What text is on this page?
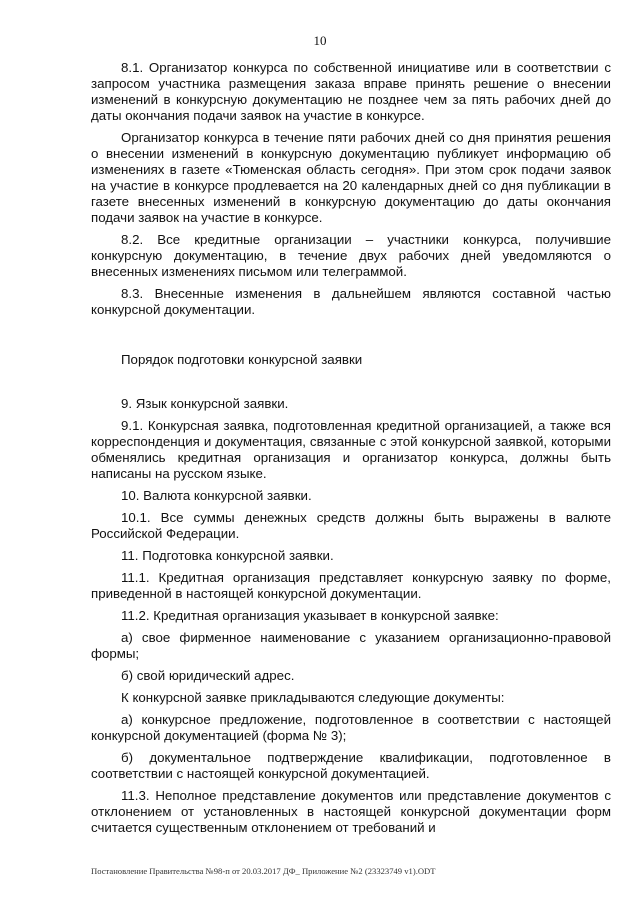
10

8.1. Организатор конкурса по собственной инициативе или в соответствии с запросом участника размещения заказа вправе принять решение о внесении изменений в конкурсную документацию не позднее чем за пять рабочих дней до даты окончания подачи заявок на участие в конкурсе.

Организатор конкурса в течение пяти рабочих дней со дня принятия решения о внесении изменений в конкурсную документацию публикует информацию об изменениях в газете «Тюменская область сегодня». При этом срок подачи заявок на участие в конкурсе продлевается на 20 календарных дней со дня публикации в газете внесенных изменений в конкурсную документацию до даты окончания подачи заявок на участие в конкурсе.

8.2. Все кредитные организации – участники конкурса, получившие конкурсную документацию, в течение двух рабочих дней уведомляются о внесенных изменениях письмом или телеграммой.

8.3. Внесенные изменения в дальнейшем являются составной частью конкурсной документации.

Порядок подготовки конкурсной заявки

9. Язык конкурсной заявки.

9.1. Конкурсная заявка, подготовленная кредитной организацией, а также вся корреспонденция и документация, связанные с этой конкурсной заявкой, которыми обменялись кредитная организация и организатор конкурса, должны быть написаны на русском языке.

10. Валюта конкурсной заявки.

10.1. Все суммы денежных средств должны быть выражены в валюте Российской Федерации.

11. Подготовка конкурсной заявки.

11.1. Кредитная организация представляет конкурсную заявку по форме, приведенной в настоящей конкурсной документации.

11.2. Кредитная организация указывает в конкурсной заявке:

а) свое фирменное наименование с указанием организационно-правовой формы;

б) свой юридический адрес.

К конкурсной заявке прикладываются следующие документы:

а) конкурсное предложение, подготовленное в соответствии с настоящей конкурсной документацией (форма № 3);

б) документальное подтверждение квалификации, подготовленное в соответствии с настоящей конкурсной документацией.

11.3. Неполное представление документов или представление документов с отклонением от установленных в настоящей конкурсной документации форм считается существенным отклонением от требований и

Постановление Правительства №98-п от 20.03.2017 ДФ_ Приложение №2 (23323749 v1).ODT
